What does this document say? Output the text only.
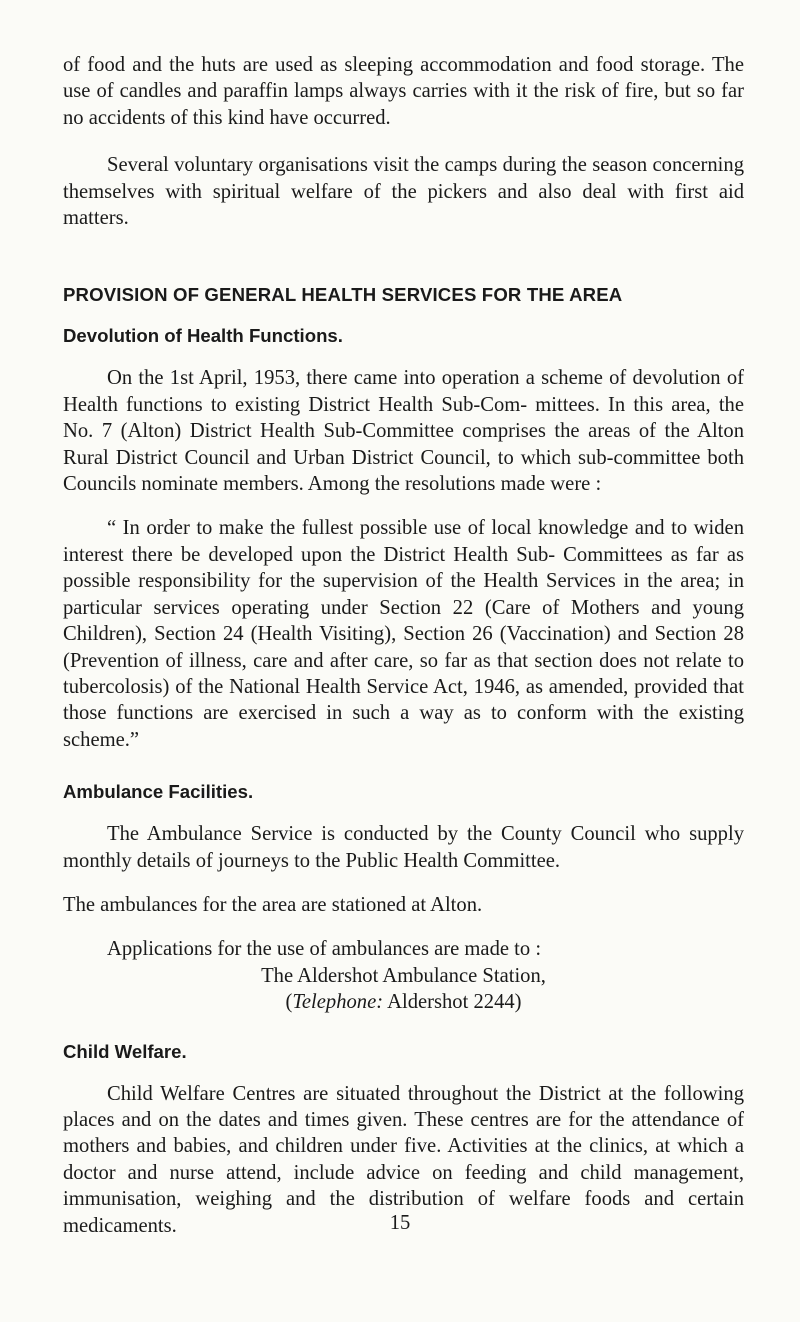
of food and the huts are used as sleeping accommodation and food storage. The use of candles and paraffin lamps always carries with it the risk of fire, but so far no accidents of this kind have occurred.

Several voluntary organisations visit the camps during the season concerning themselves with spiritual welfare of the pickers and also deal with first aid matters.

PROVISION OF GENERAL HEALTH SERVICES FOR THE AREA
Devolution of Health Functions.

On the 1st April, 1953, there came into operation a scheme of devolution of Health functions to existing District Health Sub-Com- mittees. In this area, the No. 7 (Alton) District Health Sub-Committee comprises the areas of the Alton Rural District Council and Urban District Council, to which sub-committee both Councils nominate members. Among the resolutions made were :

“ In order to make the fullest possible use of local knowledge and to widen interest there be developed upon the District Health Sub- Committees as far as possible responsibility for the supervision of the Health Services in the area; in particular services operating under Section 22 (Care of Mothers and young Children), Section 24 (Health Visiting), Section 26 (Vaccination) and Section 28 (Prevention of illness, care and after care, so far as that section does not relate to tubercolosis) of the National Health Service Act, 1946, as amended, provided that those functions are exercised in such a way as to conform with the existing scheme.”

Ambulance Facilities.

The Ambulance Service is conducted by the County Council who supply monthly details of journeys to the Public Health Committee.

The ambulances for the area are stationed at Alton.

Applications for the use of ambulances are made to :

The Aldershot Ambulance Station,

(Telephone: Aldershot 2244)

Child Welfare.

Child Welfare Centres are situated throughout the District at the following places and on the dates and times given. These centres are for the attendance of mothers and babies, and children under five. Activities at the clinics, at which a doctor and nurse attend, include advice on feeding and child management, immunisation, weighing and the distribution of welfare foods and certain medicaments.	15
